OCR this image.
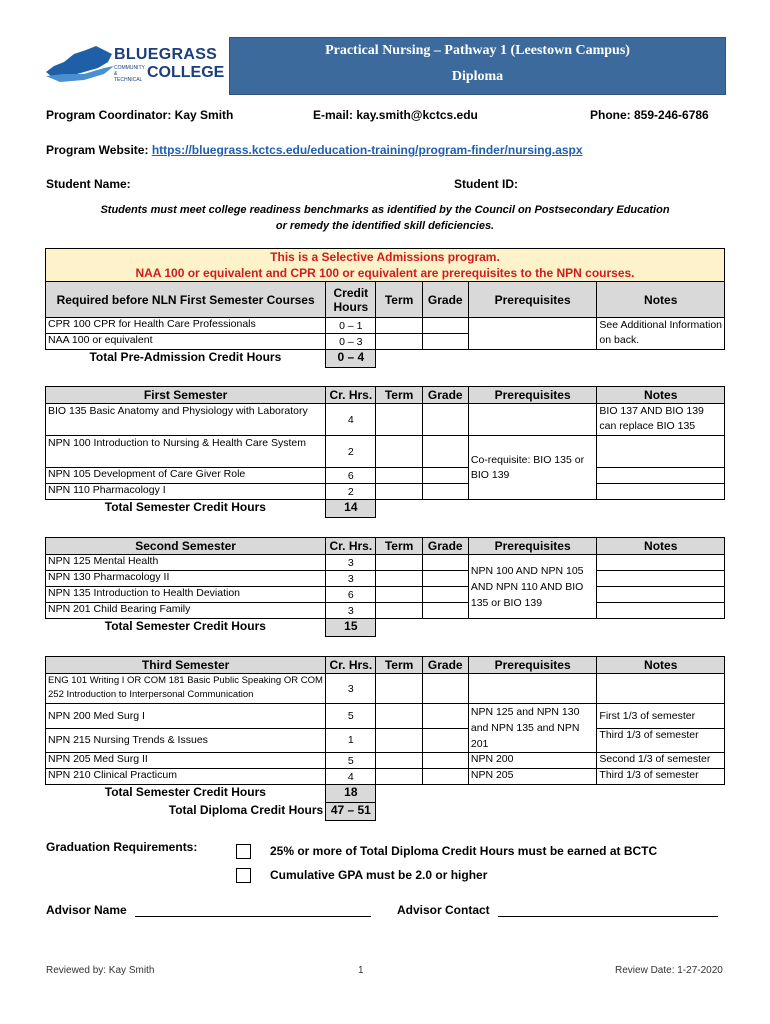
BLUEGRASS
COMMUNITY
& TECHNICAL COLLEGE
Practical Nursing – Pathway 1 (Leestown Campus)
Diploma
Program Coordinator: Kay Smith	E-mail: kay.smith@kctcs.edu	Phone: 859-246-6786
Program Website: https://bluegrass.kctcs.edu/education-training/program-finder/nursing.aspx
Student Name:	Student ID:
Students must meet college readiness benchmarks as identified by the Council on Postsecondary Education
or remedy the identified skill deficiencies.
This is a Selective Admissions program.
NAA 100 or equivalent and CPR 100 or equivalent are prerequisites to the NPN courses.					

Required before NLN First Semester Courses	Credit Hours	Term	Grade	Prerequisites	Notes
CPR 100 CPR for Health Care Professionals	0 – 1				See Additional Information on back.
NAA 100 or equivalent	0 – 3				
Total Pre-Admission Credit Hours	0 – 4				
First Semester	Cr. Hrs.	Term	Grade	Prerequisites	Notes
BIO 135 Basic Anatomy and Physiology with Laboratory	4				BIO 137 AND BIO 139 can replace BIO 135
NPN 100 Introduction to Nursing & Health Care System	2			Co-requisite: BIO 135 or BIO 139	
NPN 105 Development of Care Giver Role	6				
NPN 110 Pharmacology I	2				
Total Semester Credit Hours	14				
Second Semester	Cr. Hrs.	Term	Grade	Prerequisites	Notes
NPN 125 Mental Health	3			NPN 100 AND NPN 105 AND NPN 110 AND BIO 135 or BIO 139	
NPN 130 Pharmacology II	3				
NPN 135 Introduction to Health Deviation	6				
NPN 201 Child Bearing Family	3				
Total Semester Credit Hours	15				
Third Semester	Cr. Hrs.	Term	Grade	Prerequisites	Notes
ENG 101 Writing I OR COM 181 Basic Public Speaking OR COM 252 Introduction to Interpersonal Communication	3				
NPN 200 Med Surg I	5			NPN 125 and NPN 130 and NPN 135 and NPN 201	First 1/3 of semester
NPN 215 Nursing Trends & Issues	1				Third 1/3 of semester
NPN 205 Med Surg II	5			NPN 200	Second 1/3 of semester
NPN 210 Clinical Practicum	4			NPN 205	Third 1/3 of semester
Total Semester Credit Hours	18				
Total Diploma Credit Hours	47 – 51				
Graduation Requirements:	25% or more of Total Diploma Credit Hours must be earned at BCTC
Cumulative GPA must be 2.0 or higher
Advisor Name	Advisor Contact
Reviewed by: Kay Smith	1	Review Date: 1-27-2020
